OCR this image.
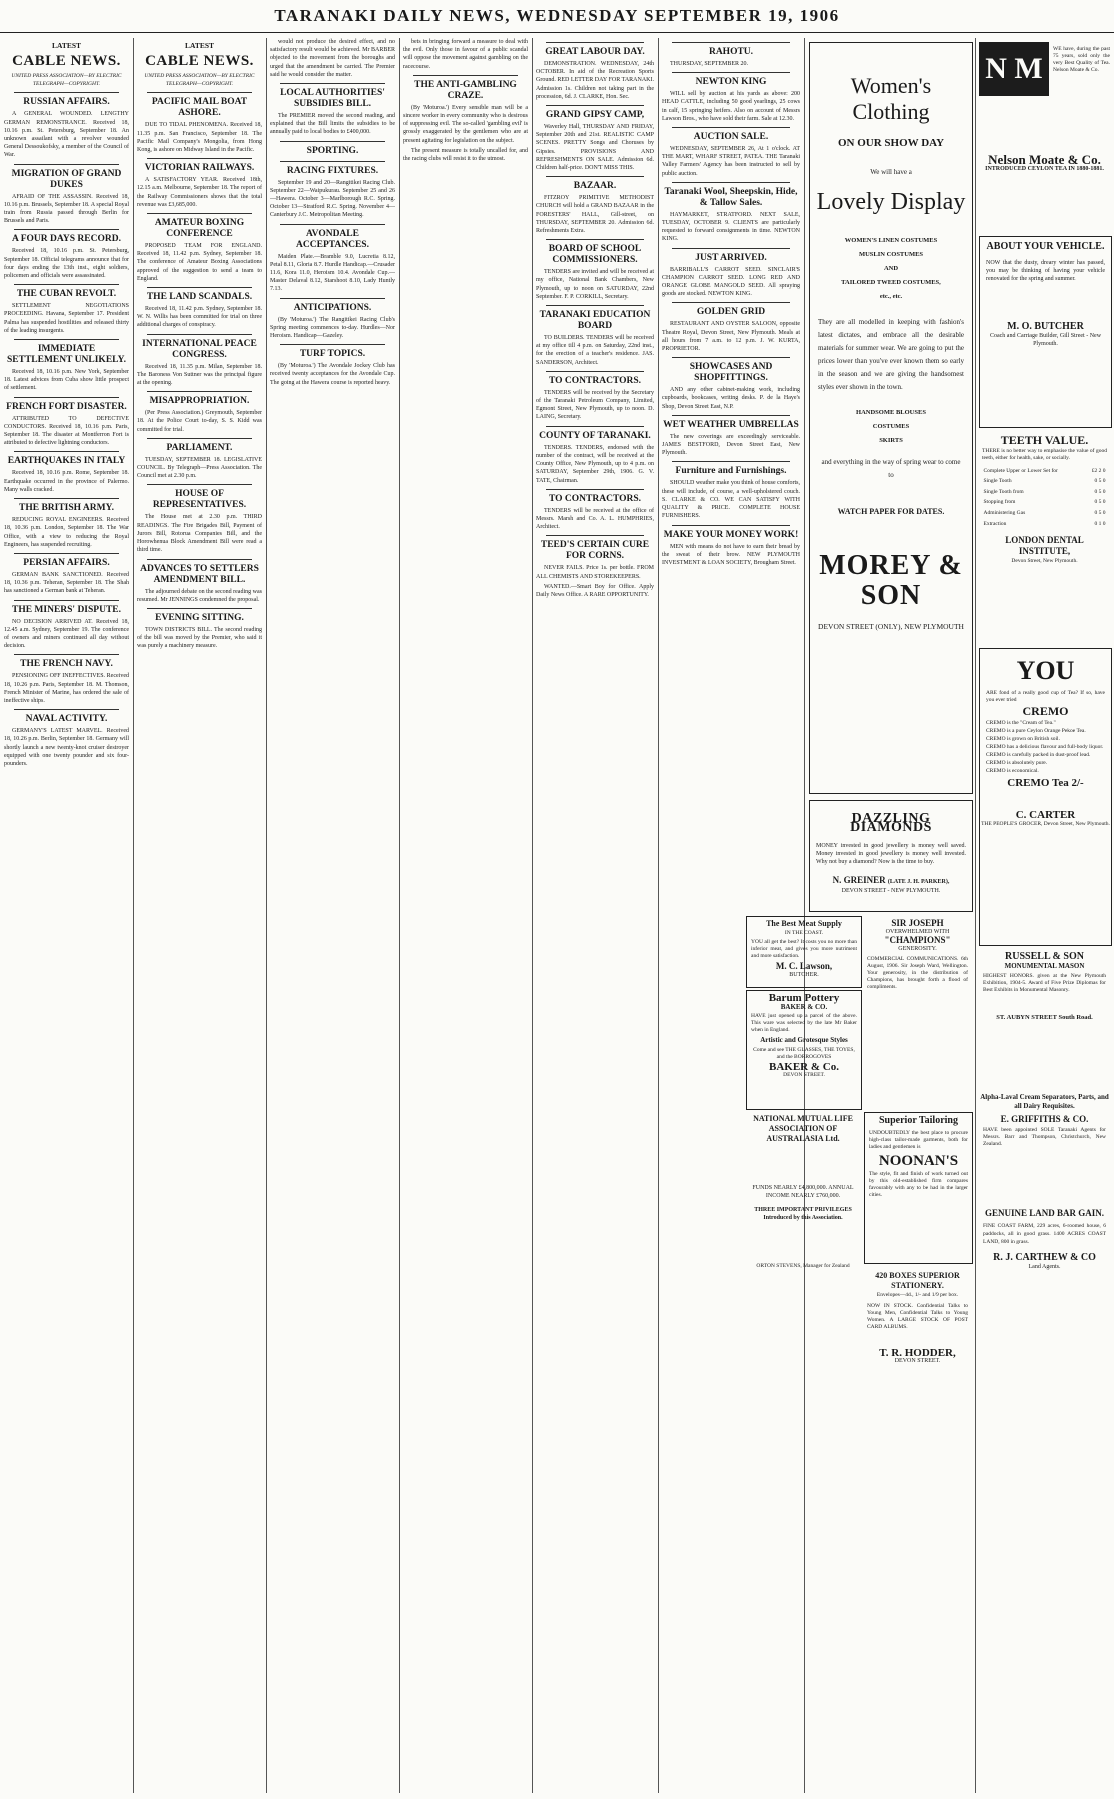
TARANAKI DAILY NEWS, WEDNESDAY SEPTEMBER 19, 1906
LATEST
CABLE NEWS.
UNITED PRESS ASSOCIATION—BY ELECTRIC TELEGRAPH—COPYRIGHT.
RUSSIAN AFFAIRS.

A GENERAL WOUNDED. LENGTHY GERMAN REMONSTRANCE. Received 18, 10.16 p.m. St. Petersburg, September 18. An unknown assailant with a revolver wounded General Dessoukofsky, a member of the Council of War.

MIGRATION OF GRAND DUKES

AFRAID OF THE ASSASSIN. Received 18, 10.16 p.m. Brussels, September 18. A special Royal train from Russia passed through Berlin for Brussels and Paris.

A FOUR DAYS RECORD.

Received 18, 10.16 p.m. St. Petersburg, September 18. Official telegrams announce that for four days ending the 13th inst., eight soldiers, policemen and officials were assassinated.

THE CUBAN REVOLT.

SETTLEMENT NEGOTIATIONS PROCEEDING. Havana, September 17. President Palma has suspended hostilities and released thirty of the leading insurgents.

IMMEDIATE SETTLEMENT UNLIKELY.

Received 18, 10.16 p.m. New York, September 18. Latest advices from Cuba show little prospect of settlement.

FRENCH FORT DISASTER.

ATTRIBUTED TO DEFECTIVE CONDUCTORS. Received 18, 10.16 p.m. Paris, September 18. The disaster at Montferron Fort is attributed to defective lightning conductors.

EARTHQUAKES IN ITALY

Received 18, 10.16 p.m. Rome, September 18. Earthquake occurred in the province of Palermo. Many walls cracked.

THE BRITISH ARMY.

REDUCING ROYAL ENGINEERS. Received 18, 10.36 p.m. London, September 18. The War Office, with a view to reducing the Royal Engineers, has suspended recruiting.

PERSIAN AFFAIRS.

GERMAN BANK SANCTIONED. Received 18, 10.36 p.m. Teheran, September 18. The Shah has sanctioned a German bank at Teheran.

THE MINERS' DISPUTE.

NO DECISION ARRIVED AT. Received 18, 12.45 a.m. Sydney, September 19. The conference of owners and miners continued all day without decision.

THE FRENCH NAVY.

PENSIONING OFF INEFFECTIVES. Received 18, 10.26 p.m. Paris, September 18. M. Thomson, French Minister of Marine, has ordered the sale of ineffective ships.

NAVAL ACTIVITY.

GERMANY'S LATEST MARVEL. Received 18, 10.26 p.m. Berlin, September 18. Germany will shortly launch a new twenty-knot cruiser destroyer equipped with one twenty pounder and six four-pounders.

LATEST
CABLE NEWS.
UNITED PRESS ASSOCIATION—BY ELECTRIC TELEGRAPH—COPYRIGHT.
PACIFIC MAIL BOAT ASHORE.

DUE TO TIDAL PHENOMENA. Received 18, 11.35 p.m. San Francisco, September 18. The Pacific Mail Company's Mongolia, from Hong Kong, is ashore on Midway Island in the Pacific.

VICTORIAN RAILWAYS.

A SATISFACTORY YEAR. Received 18th, 12.15 a.m. Melbourne, September 18. The report of the Railway Commissioners shows that the total revenue was £3,685,000.

AMATEUR BOXING CONFERENCE

PROPOSED TEAM FOR ENGLAND. Received 18, 11.42 p.m. Sydney, September 18. The conference of Amateur Boxing Associations approved of the suggestion to send a team to England.

THE LAND SCANDALS.

Received 18, 11.42 p.m. Sydney, September 18. W. N. Willis has been committed for trial on three additional charges of conspiracy.

INTERNATIONAL PEACE CONGRESS.

Received 18, 11.35 p.m. Milan, September 18. The Baroness Von Suttner was the principal figure at the opening.

MISAPPROPRIATION.

(Per Press Association.) Greymouth, September 18. At the Police Court to-day, S. S. Kidd was committed for trial.

PARLIAMENT.

TUESDAY, SEPTEMBER 18. LEGISLATIVE COUNCIL. By Telegraph—Press Association. The Council met at 2.30 p.m.

HOUSE OF REPRESENTATIVES.

The House met at 2.30 p.m. THIRD READINGS. The Fire Brigades Bill, Payment of Jurors Bill, Rotorua Companies Bill, and the Horowhenua Block Amendment Bill were read a third time.

ADVANCES TO SETTLERS AMENDMENT BILL.

The adjourned debate on the second reading was resumed. Mr JENNINGS condemned the proposal.

EVENING SITTING.

TOWN DISTRICTS BILL. The second reading of the bill was moved by the Premier, who said it was purely a machinery measure.

would not produce the desired effect, and no satisfactory result would be achieved. Mr BARBER objected to the movement from the boroughs and urged that the amendment be carried. The Premier said he would consider the matter.

LOCAL AUTHORITIES' SUBSIDIES BILL.

The PREMIER moved the second reading, and explained that the Bill limits the subsidies to be annually paid to local bodies to £400,000.

SPORTING.
RACING FIXTURES.

September 19 and 20—Rangitikei Racing Club. September 22—Waipukurau. September 25 and 26—Hawera. October 3—Marlborough R.C. Spring. October 13—Stratford R.C. Spring. November 4—Canterbury J.C. Metropolitan Meeting.

AVONDALE ACCEPTANCES.

Maiden Plate.—Bramble 9.0, Lucretia 8.12, Petal 8.11, Gloria 8.7. Hurdle Handicap.—Crusader 11.6, Kora 11.0, Heroism 10.4. Avondale Cup.—Master Delaval 8.12, Starshoot 8.10, Lady Huntly 7.13.

ANTICIPATIONS.

(By 'Moturoa.') The Rangitikei Racing Club's Spring meeting commences to-day. Hurdles—Nor Heroism. Handicap—Gazeley.

TURF TOPICS.

(By 'Moturoa.') The Avondale Jockey Club has received twenty acceptances for the Avondale Cup. The going at the Hawera course is reported heavy.

bets in bringing forward a measure to deal with the evil. Only those in favour of a public scandal will oppose the movement against gambling on the racecourse.

THE ANTI-GAMBLING CRAZE.

(By 'Moturoa.') Every sensible man will be a sincere worker in every community who is desirous of suppressing evil. The so-called 'gambling evil' is grossly exaggerated by the gentlemen who are at present agitating for legislation on the subject.

The present measure is totally uncalled for, and the racing clubs will resist it to the utmost.

GREAT LABOUR DAY.

DEMONSTRATION. WEDNESDAY, 24th OCTOBER. In aid of the Recreation Sports Ground. RED LETTER DAY FOR TARANAKI. Admission 1s. Children not taking part in the procession, 6d. J. CLARKE, Hon. Sec.

GRAND GIPSY CAMP,

Waverley Hall, THURSDAY AND FRIDAY, September 20th and 21st. REALISTIC CAMP SCENES. PRETTY Songs and Choruses by Gipsies. PROVISIONS AND REFRESHMENTS ON SALE. Admission 6d. Children half-price. DON'T MISS THIS.

BAZAAR.

FITZROY PRIMITIVE METHODIST CHURCH will hold a GRAND BAZAAR in the FORESTERS' HALL, Gill-street, on THURSDAY, SEPTEMBER 20. Admission 6d. Refreshments Extra.

BOARD OF SCHOOL COMMISSIONERS.

TENDERS are invited and will be received at my office, National Bank Chambers, New Plymouth, up to noon on SATURDAY, 22nd September. F. P. CORKILL, Secretary.

TARANAKI EDUCATION BOARD

TO BUILDERS. TENDERS will be received at my office till 4 p.m. on Saturday, 22nd inst., for the erection of a teacher's residence. JAS. SANDERSON, Architect.

TO CONTRACTORS.

TENDERS will be received by the Secretary of the Taranaki Petroleum Company, Limited, Egmont Street, New Plymouth, up to noon. D. LAING, Secretary.

COUNTY OF TARANAKI.

TENDERS. TENDERS, endorsed with the number of the contract, will be received at the County Office, New Plymouth, up to 4 p.m. on SATURDAY, September 29th, 1906. G. V. TATE, Chairman.

TO CONTRACTORS.

TENDERS will be received at the office of Messrs. Marsh and Co. A. L. HUMPHRIES, Architect.

TEED'S CERTAIN CURE FOR CORNS.

NEVER FAILS. Price 1s. per bottle. FROM ALL CHEMISTS AND STOREKEEPERS.

WANTED.—Smart Boy for Office. Apply Daily News Office. A RARE OPPORTUNITY.

RAHOTU.

THURSDAY, SEPTEMBER 20.

NEWTON KING

WILL sell by auction at his yards as above: 200 HEAD CATTLE, including 50 good yearlings, 25 cows in calf, 15 springing heifers. Also on account of Messrs Lawson Bros., who have sold their farm. Sale at 12.30.

AUCTION SALE.

WEDNESDAY, SEPTEMBER 26, At 1 o'clock. AT THE MART, WHARF STREET, PATEA. THE Taranaki Valley Farmers' Agency has been instructed to sell by public auction.

Taranaki Wool, Sheepskin, Hide, & Tallow Sales.

HAYMARKET, STRATFORD. NEXT SALE, TUESDAY, OCTOBER 9. CLIENTS are particularly requested to forward consignments in time. NEWTON KING.

JUST ARRIVED.

BARRIBALL'S CARROT SEED. SINCLAIR'S CHAMPION CARROT SEED. LONG RED AND ORANGE GLOBE MANGOLD SEED. All spraying goods are stocked. NEWTON KING.

GOLDEN GRID

RESTAURANT AND OYSTER SALOON, opposite Theatre Royal, Devon Street, New Plymouth. Meals at all hours from 7 a.m. to 12 p.m. J. W. KURTA, PROPRIETOR.

SHOWCASES AND SHOPFITTINGS.

AND any other cabinet-making work, including cupboards, bookcases, writing desks. P. de la Haye's Shop, Devon Street East, N.P.

WET WEATHER UMBRELLAS

The new coverings are exceedingly serviceable. JAMES BESTFORD, Devon Street East, New Plymouth.

Furniture and Furnishings.

SHOULD weather make you think of house comforts, these will include, of course, a well-upholstered couch. S. CLARKE & CO. WE CAN SATISFY WITH QUALITY & PRICE. COMPLETE HOUSE FURNISHERS.

MAKE YOUR MONEY WORK!

MEN with means do not have to earn their bread by the sweat of their brow. NEW PLYMOUTH INVESTMENT & LOAN SOCIETY, Brougham Street.

Women's Clothing
ON OUR SHOW DAY
We will have a
Lovely Display
WOMEN'S LINEN COSTUMES
MUSLIN COSTUMES
AND
TAILORED TWEED COSTUMES,
etc., etc.
They are all modelled in keeping with fashion's latest dictates, and embrace all the desirable materials for summer wear. We are going to put the prices lower than you've ever known them so early in the season and we are giving the handsomest styles ever shown in the town.
HANDSOME BLOUSES
COSTUMES
SKIRTS
and everything in the way of spring wear to come to
WATCH PAPER FOR DATES.
MOREY & SON
DEVON STREET (ONLY), NEW PLYMOUTH
DAZZLING DIAMONDS
MONEY invested in good jewellery is money well saved. Money invested in good jewellery is money well invested. Why not buy a diamond? Now is the time to buy.
N. GREINER (LATE J. H. PARKER),
DEVON STREET - NEW PLYMOUTH.
The Best Meat Supply
IN THE COAST.
YOU all get the best? It costs you no more than inferior meat, and gives you more nutriment and more satisfaction.
M. C. Lawson,
BUTCHER.
Barum Pottery
BAKER & CO.
HAVE just opened up a parcel of the above. This ware was selected by the late Mr Baker when in England.
Artistic and Grotesque Styles
Come and see THE GLASSES, THE TOYES, and the BORROGOVES
BAKER & Co.
DEVON STREET.
NATIONAL MUTUAL LIFE ASSOCIATION OF AUSTRALASIA Ltd.
FUNDS NEARLY £4,800,000. ANNUAL INCOME NEARLY £760,000.
THREE IMPORTANT PRIVILEGES Introduced by this Association.
ORTON STEVENS, Manager for Zealand
SIR JOSEPH
OVERWHELMED WITH
"CHAMPIONS"
GENEROSITY.
COMMERCIAL COMMUNICATIONS. 6th August, 1906. Sir Joseph Ward, Wellington. Your generosity, in the distribution of Champions, has brought forth a flood of compliments.
Superior Tailoring
UNDOUBTEDLY the best place to procure high-class tailor-made garments, both for ladies and gentlemen is
NOONAN'S
The style, fit and finish of work turned out by this old-established firm compares favourably with any to be had in the larger cities.
420 BOXES SUPERIOR STATIONERY.
Envelopes—4d., 1/- and 1/9 per box.
NOW IN STOCK. Confidential Talks to Young Men, Confidential Talks to Young Women. A LARGE STOCK OF POST CARD ALBUMS.
T. R. HODDER,
DEVON STREET.
N M & C
WE have, during the past 75 years, sold only the very Best Quality of Tea. Nelson Moate & Co.
Nelson Moate & Co.
INTRODUCED CEYLON TEA IN 1880-1881.
ABOUT YOUR VEHICLE.
NOW that the dusty, dreary winter has passed, you may be thinking of having your vehicle renovated for the spring and summer.
M. O. BUTCHER
Coach and Carriage Builder, Gill Street - New Plymouth.
TEETH VALUE.
THERE is no better way to emphasise the value of good teeth, either for health, sake, or socially.
Complete Upper or Lower Set for	£2 2 0
Single Tooth	0 5 0
Single Tooth from	0 5 0
Stopping from	0 5 0
Administering Gas	0 5 0
Extraction	0 1 0
LONDON DENTAL INSTITUTE,
Devon Street, New Plymouth.
YOU
ARE fond of a really good cup of Tea? If so, have you ever tried
CREMO
CREMO is the "Cream of Tea."
CREMO is a pure Ceylon Orange Pekoe Tea.
CREMO is grown on British soil.
CREMO has a delicious flavour and full-body liquor.
CREMO is carefully packed in dust-proof lead.
CREMO is absolutely pure.
CREMO is economical.
CREMO Tea 2/-
C. CARTER
THE PEOPLE'S GROCER, Devon Street, New Plymouth.
RUSSELL & SON
MONUMENTAL MASON
HIGHEST HONORS. given at the New Plymouth Exhibition, 1904-5. Award of Five Prize Diplomas for Best Exhibits in Monumental Masonry.
ST. AUBYN STREET South Road.
Alpha-Laval Cream Separators, Parts, and all Dairy Requisites.
E. GRIFFITHS & CO.
HAVE been appointed SOLE Taranaki Agents for Messrs. Barr and Thompson, Christchurch, New Zealand.
GENUINE LAND BAR GAIN.
FINE COAST FARM, 229 acres, 6-roomed house, 6 paddocks, all in good grass. 1400 ACRES COAST LAND, 800 in grass.
R. J. CARTHEW & CO
Land Agents.
